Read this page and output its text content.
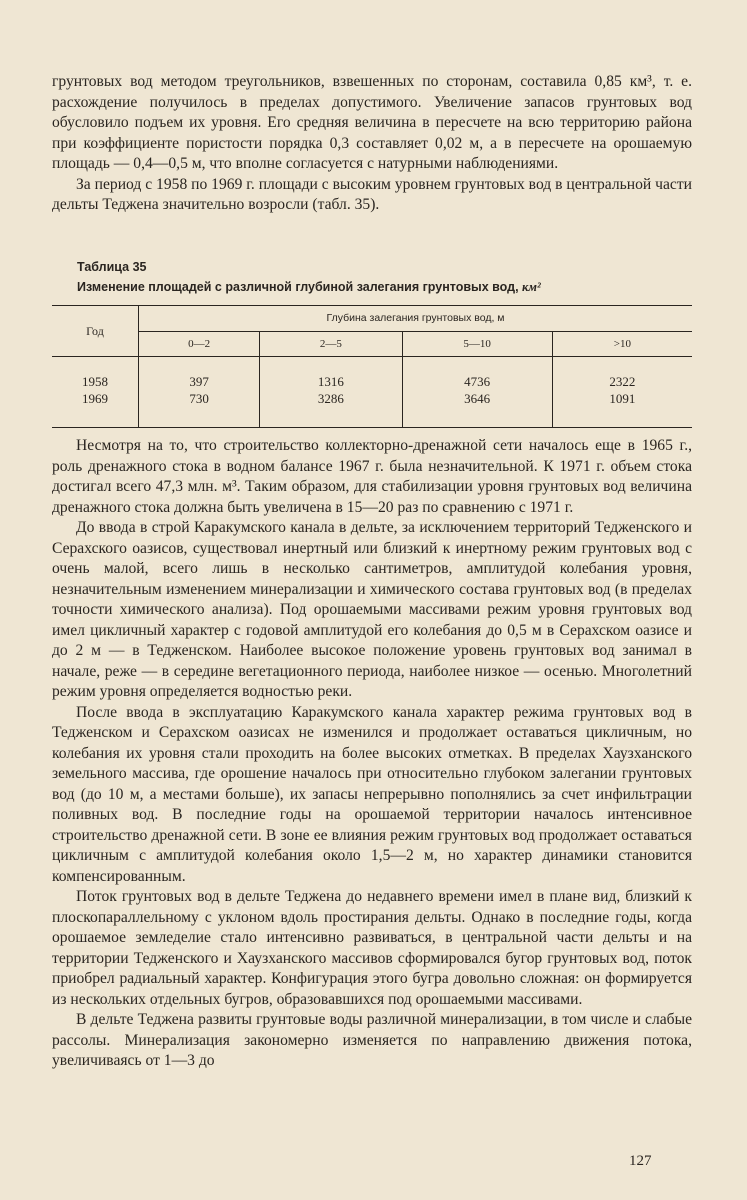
грунтовых вод методом треугольников, взвешенных по сторонам, составила 0,85 км³, т. е. расхождение получилось в пределах допустимого. Увеличение запасов грунтовых вод обусловило подъем их уровня. Его средняя величина в пересчете на всю территорию района при коэффициенте пористости порядка 0,3 составляет 0,02 м, а в пересчете на орошаемую площадь — 0,4—0,5 м, что вполне согласуется с натурными наблюдениями.

За период с 1958 по 1969 г. площади с высоким уровнем грунтовых вод в центральной части дельты Теджена значительно возросли (табл. 35).

Таблица 35
Изменение площадей с различной глубиной залегания грунтовых вод, км²
Год	Глубина залегания грунтовых вод, м			
	0—2	2—5	5—10	>10
1958	397	1316	4736	2322
1969	730	3286	3646	1091

Несмотря на то, что строительство коллекторно-дренажной сети началось еще в 1965 г., роль дренажного стока в водном балансе 1967 г. была незначительной. К 1971 г. объем стока достигал всего 47,3 млн. м³. Таким образом, для стабилизации уровня грунтовых вод величина дренажного стока должна быть увеличена в 15—20 раз по сравнению с 1971 г.

До ввода в строй Каракумского канала в дельте, за исключением территорий Тедженского и Серахского оазисов, существовал инертный или близкий к инертному режим грунтовых вод с очень малой, всего лишь в несколько сантиметров, амплитудой колебания уровня, незначительным изменением минерализации и химического состава грунтовых вод (в пределах точности химического анализа). Под орошаемыми массивами режим уровня грунтовых вод имел цикличный характер с годовой амплитудой его колебания до 0,5 м в Серахском оазисе и до 2 м — в Тедженском. Наиболее высокое положение уровень грунтовых вод занимал в начале, реже — в середине вегетационного периода, наиболее низкое — осенью. Многолетний режим уровня определяется водностью реки.

После ввода в эксплуатацию Каракумского канала характер режима грунтовых вод в Тедженском и Серахском оазисах не изменился и продолжает оставаться цикличным, но колебания их уровня стали проходить на более высоких отметках. В пределах Хаузханского земельного массива, где орошение началось при относительно глубоком залегании грунтовых вод (до 10 м, а местами больше), их запасы непрерывно пополнялись за счет инфильтрации поливных вод. В последние годы на орошаемой территории началось интенсивное строительство дренажной сети. В зоне ее влияния режим грунтовых вод продолжает оставаться цикличным с амплитудой колебания около 1,5—2 м, но характер динамики становится компенсированным.

Поток грунтовых вод в дельте Теджена до недавнего времени имел в плане вид, близкий к плоскопараллельному с уклоном вдоль простирания дельты. Однако в последние годы, когда орошаемое земледелие стало интенсивно развиваться, в центральной части дельты и на территории Тедженского и Хаузханского массивов сформировался бугор грунтовых вод, поток приобрел радиальный характер. Конфигурация этого бугра довольно сложная: он формируется из нескольких отдельных бугров, образовавшихся под орошаемыми массивами.

В дельте Теджена развиты грунтовые воды различной минерализации, в том числе и слабые рассолы. Минерализация закономерно изменяется по направлению движения потока, увеличиваясь от 1—3 до

127
